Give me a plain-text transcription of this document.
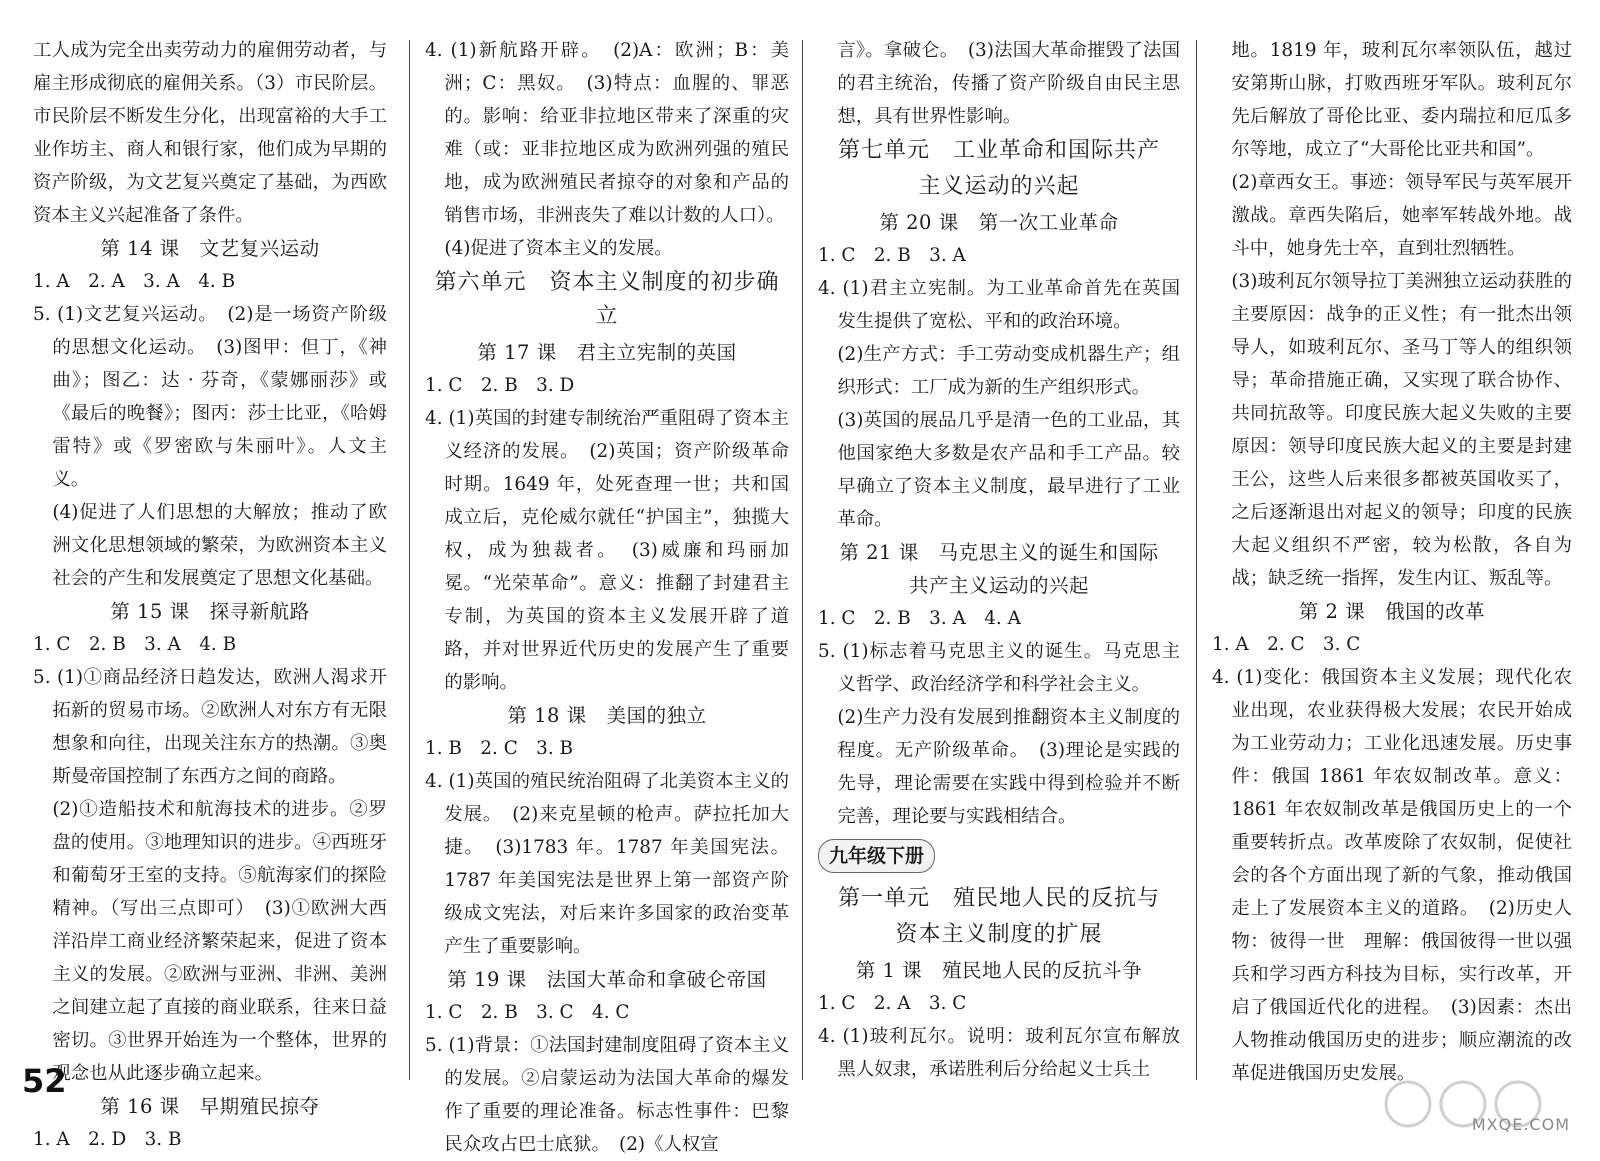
工人成为完全出卖劳动力的雇佣劳动者，与雇主形成彻底的雇佣关系。（3）市民阶层。市民阶层不断发生分化，出现富裕的大手工业作坊主、商人和银行家，他们成为早期的资产阶级，为文艺复兴奠定了基础，为西欧资本主义兴起准备了条件。

第 14 课　文艺复兴运动

1. A　2. A　3. A　4. B

5. (1)文艺复兴运动。　(2)是一场资产阶级的思想文化运动。　(3)图甲：但丁，《神曲》；图乙：达 · 芬奇，《蒙娜丽莎》或《最后的晚餐》；图丙：莎士比亚，《哈姆雷特》或《罗密欧与朱丽叶》。人文主义。

(4)促进了人们思想的大解放；推动了欧洲文化思想领域的繁荣，为欧洲资本主义社会的产生和发展奠定了思想文化基础。

第 15 课　探寻新航路

1. C　2. B　3. A　4. B

5. (1)①商品经济日趋发达，欧洲人渴求开拓新的贸易市场。②欧洲人对东方有无限想象和向往，出现关注东方的热潮。③奥斯曼帝国控制了东西方之间的商路。

(2)①造船技术和航海技术的进步。②罗盘的使用。③地理知识的进步。④西班牙和葡萄牙王室的支持。⑤航海家们的探险精神。（写出三点即可）　(3)①欧洲大西洋沿岸工商业经济繁荣起来，促进了资本主义的发展。②欧洲与亚洲、非洲、美洲之间建立起了直接的商业联系，往来日益密切。③世界开始连为一个整体，世界的观念也从此逐步确立起来。

第 16 课　早期殖民掠夺

1. A　2. D　3. B

4. (1)新航路开辟。　(2)A：欧洲；B：美洲；C：黑奴。　(3)特点：血腥的、罪恶的。影响：给亚非拉地区带来了深重的灾难（或：亚非拉地区成为欧洲列强的殖民地，成为欧洲殖民者掠夺的对象和产品的销售市场，非洲丧失了难以计数的人口）。

(4)促进了资本主义的发展。

第六单元　资本主义制度的初步确立

第 17 课　君主立宪制的英国

1. C　2. B　3. D

4. (1)英国的封建专制统治严重阻碍了资本主义经济的发展。　(2)英国；资产阶级革命时期。1649 年，处死查理一世；共和国成立后，克伦威尔就任“护国主”，独揽大权，成为独裁者。　(3)威廉和玛丽加冕。“光荣革命”。意义：推翻了封建君主专制，为英国的资本主义发展开辟了道路，并对世界近代历史的发展产生了重要的影响。

第 18 课　美国的独立

1. B　2. C　3. B

4. (1)英国的殖民统治阻碍了北美资本主义的发展。　(2)来克星顿的枪声。萨拉托加大捷。　(3)1783 年。1787 年美国宪法。1787 年美国宪法是世界上第一部资产阶级成文宪法，对后来许多国家的政治变革产生了重要影响。

第 19 课　法国大革命和拿破仑帝国

1. C　2. B　3. C　4. C

5. (1)背景：①法国封建制度阻碍了资本主义的发展。②启蒙运动为法国大革命的爆发作了重要的理论准备。标志性事件：巴黎民众攻占巴士底狱。　(2)《人权宣

言》。拿破仑。　(3)法国大革命摧毁了法国的君主统治，传播了资产阶级自由民主思想，具有世界性影响。

第七单元　工业革命和国际共产

主义运动的兴起

第 20 课　第一次工业革命

1. C　2. B　3. A

4. (1)君主立宪制。为工业革命首先在英国发生提供了宽松、平和的政治环境。

(2)生产方式：手工劳动变成机器生产；组织形式：工厂成为新的生产组织形式。

(3)英国的展品几乎是清一色的工业品，其他国家绝大多数是农产品和手工产品。较早确立了资本主义制度，最早进行了工业革命。

第 21 课　马克思主义的诞生和国际

共产主义运动的兴起

1. C　2. B　3. A　4. A

5. (1)标志着马克思主义的诞生。马克思主义哲学、政治经济学和科学社会主义。

(2)生产力没有发展到推翻资本主义制度的程度。无产阶级革命。　(3)理论是实践的先导，理论需要在实践中得到检验并不断完善，理论要与实践相结合。

九年级下册

第一单元　殖民地人民的反抗与

资本主义制度的扩展

第 1 课　殖民地人民的反抗斗争

1. C　2. A　3. C

4. (1)玻利瓦尔。说明：玻利瓦尔宣布解放黑人奴隶，承诺胜利后分给起义士兵土

地。1819 年，玻利瓦尔率领队伍，越过安第斯山脉，打败西班牙军队。玻利瓦尔先后解放了哥伦比亚、委内瑞拉和厄瓜多尔等地，成立了“大哥伦比亚共和国”。

(2)章西女王。事迹：领导军民与英军展开激战。章西失陷后，她率军转战外地。战斗中，她身先士卒，直到壮烈牺牲。

(3)玻利瓦尔领导拉丁美洲独立运动获胜的主要原因：战争的正义性；有一批杰出领导人，如玻利瓦尔、圣马丁等人的组织领导；革命措施正确，又实现了联合协作、共同抗敌等。印度民族大起义失败的主要原因：领导印度民族大起义的主要是封建王公，这些人后来很多都被英国收买了，之后逐渐退出对起义的领导；印度的民族大起义组织不严密，较为松散，各自为战；缺乏统一指挥，发生内讧、叛乱等。

第 2 课　俄国的改革

1. A　2. C　3. C

4. (1)变化：俄国资本主义发展；现代化农业出现，农业获得极大发展；农民开始成为工业劳动力；工业化迅速发展。历史事件：俄国 1861 年农奴制改革。意义：1861 年农奴制改革是俄国历史上的一个重要转折点。改革废除了农奴制，促使社会的各个方面出现了新的气象，推动俄国走上了发展资本主义的道路。　(2)历史人物：彼得一世　理解：俄国彼得一世以强兵和学习西方科技为目标，实行改革，开启了俄国近代化的进程。　(3)因素：杰出人物推动俄国历史的进步；顺应潮流的改革促进俄国历史发展。

52
MXQE.COM
